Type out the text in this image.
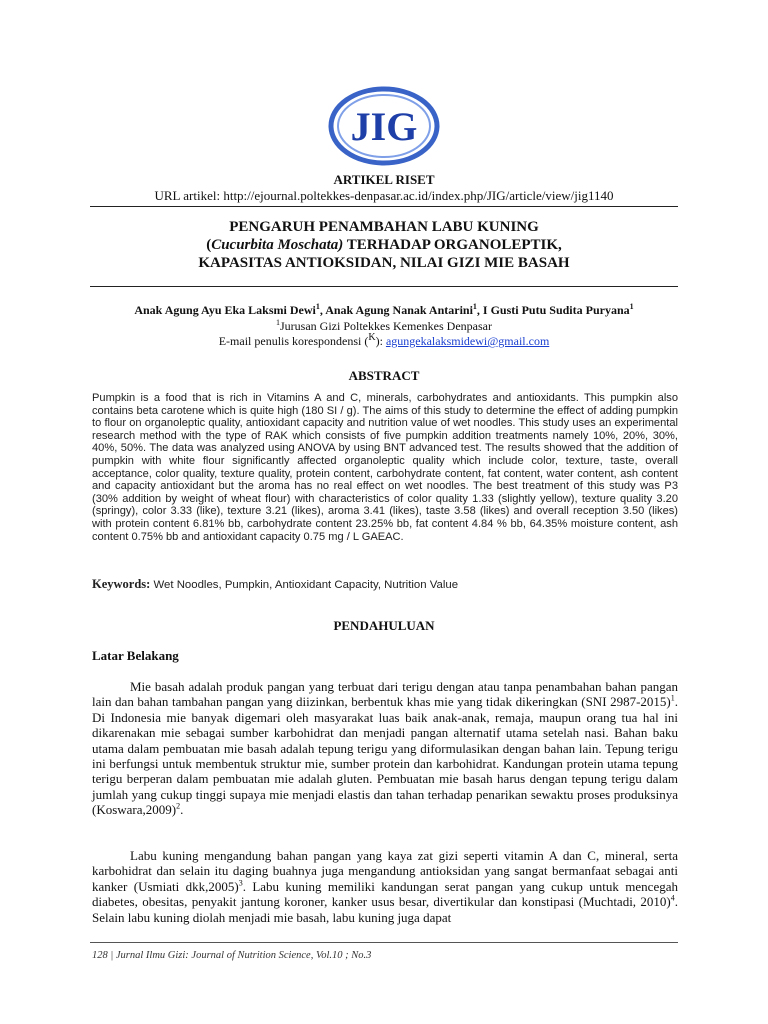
JIG
ARTIKEL RISET
URL artikel: http://ejournal.poltekkes-denpasar.ac.id/index.php/JIG/article/view/jig1140
PENGARUH PENAMBAHAN LABU KUNING
(Cucurbita Moschata) TERHADAP ORGANOLEPTIK,
KAPASITAS ANTIOKSIDAN, NILAI GIZI MIE BASAH
Anak Agung Ayu Eka Laksmi Dewi$^1$, Anak Agung Nanak Antarini$^1$, I Gusti Putu Sudita Puryana$^1$
$^1$Jurusan Gizi Poltekkes Kemenkes Denpasar
E-mail penulis korespondensi ($^K$): agungekalaksmidewi@gmail.com
ABSTRACT
Pumpkin is a food that is rich in Vitamins A and C, minerals, carbohydrates and antioxidants. This pumpkin also contains beta carotene which is quite high (180 SI / g). The aims of this study to determine the effect of adding pumpkin to flour on organoleptic quality, antioxidant capacity and nutrition value of wet noodles. This study uses an experimental research method with the type of RAK which consists of five pumpkin addition treatments namely 10%, 20%, 30%, 40%, 50%. The data was analyzed using ANOVA by using BNT advanced test. The results showed that the addition of pumpkin with white flour significantly affected organoleptic quality which include color, texture, taste, overall acceptance, color quality, texture quality, protein content, carbohydrate content, fat content, water content, ash content and capacity antioxidant but the aroma has no real effect on wet noodles. The best treatment of this study was P3 (30% addition by weight of wheat flour) with characteristics of color quality 1.33 (slightly yellow), texture quality 3.20 (springy), color 3.33 (like), texture 3.21 (likes), aroma 3.41 (likes), taste 3.58 (likes) and overall reception 3.50 (likes) with protein content 6.81% bb, carbohydrate content 23.25% bb, fat content 4.84 % bb, 64.35% moisture content, ash content 0.75% bb and antioxidant capacity 0.75 mg / L GAEAC.
Keywords: Wet Noodles, Pumpkin, Antioxidant Capacity, Nutrition Value
PENDAHULUAN
Latar Belakang
Mie basah adalah produk pangan yang terbuat dari terigu dengan atau tanpa penambahan bahan pangan lain dan bahan tambahan pangan yang diizinkan, berbentuk khas mie yang tidak dikeringkan (SNI 2987-2015)$^1$. Di Indonesia mie banyak digemari oleh masyarakat luas baik anak-anak, remaja, maupun orang tua hal ini dikarenakan mie sebagai sumber karbohidrat dan menjadi pangan alternatif utama setelah nasi. Bahan baku utama dalam pembuatan mie basah adalah tepung terigu yang diformulasikan dengan bahan lain. Tepung terigu ini berfungsi untuk membentuk struktur mie, sumber protein dan karbohidrat. Kandungan protein utama tepung terigu berperan dalam pembuatan mie adalah gluten. Pembuatan mie basah harus dengan tepung terigu dalam jumlah yang cukup tinggi supaya mie menjadi elastis dan tahan terhadap penarikan sewaktu proses produksinya (Koswara,2009)$^2$.
Labu kuning mengandung bahan pangan yang kaya zat gizi seperti vitamin A dan C, mineral, serta karbohidrat dan selain itu daging buahnya juga mengandung antioksidan yang sangat bermanfaat sebagai anti kanker (Usmiati dkk,2005)$^3$. Labu kuning memiliki kandungan serat pangan yang cukup untuk mencegah diabetes, obesitas, penyakit jantung koroner, kanker usus besar, divertikular dan konstipasi (Muchtadi, 2010)$^4$. Selain labu kuning diolah menjadi mie basah, labu kuning juga dapat
128 | Jurnal Ilmu Gizi: Journal of Nutrition Science, Vol.10 ; No.3
